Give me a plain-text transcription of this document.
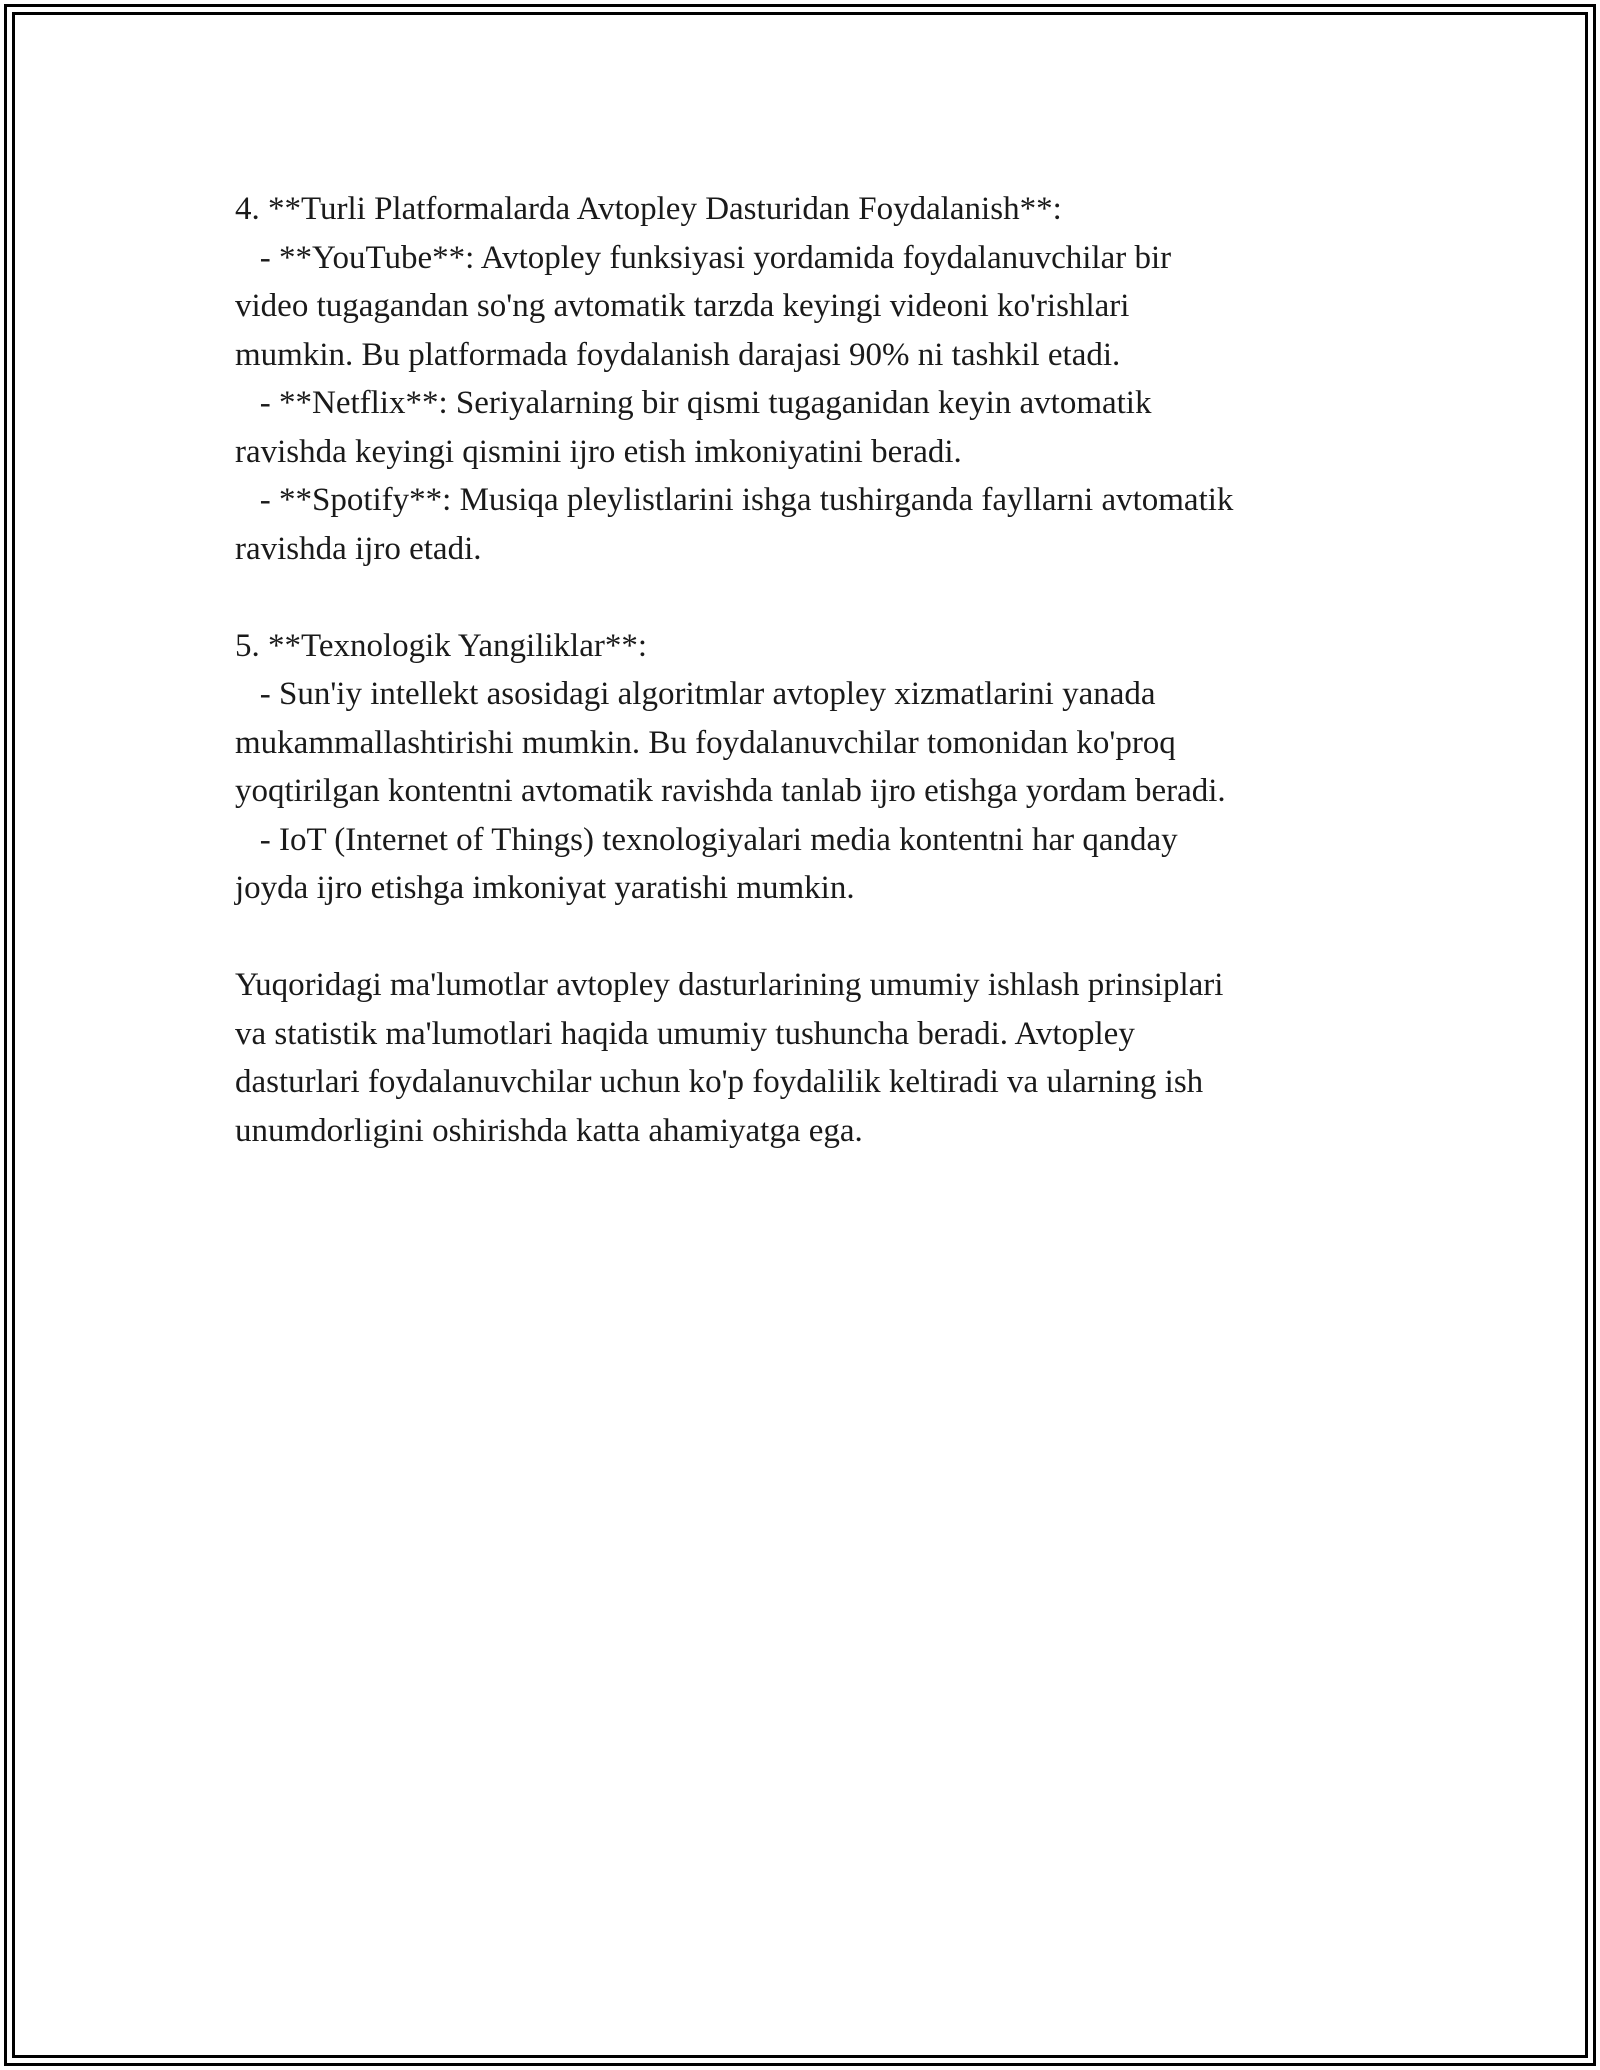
4. **Turli Platformalarda Avtopley Dasturidan Foydalanish**:

- **YouTube**: Avtopley funksiyasi yordamida foydalanuvchilar bir
video tugagandan so'ng avtomatik tarzda keyingi videoni ko'rishlari
mumkin. Bu platformada foydalanish darajasi 90% ni tashkil etadi.

- **Netflix**: Seriyalarning bir qismi tugaganidan keyin avtomatik
ravishda keyingi qismini ijro etish imkoniyatini beradi.

- **Spotify**: Musiqa pleylistlarini ishga tushirganda fayllarni avtomatik
ravishda ijro etadi.

5. **Texnologik Yangiliklar**:

- Sun'iy intellekt asosidagi algoritmlar avtopley xizmatlarini yanada
mukammallashtirishi mumkin. Bu foydalanuvchilar tomonidan ko'proq
yoqtirilgan kontentni avtomatik ravishda tanlab ijro etishga yordam beradi.

- IoT (Internet of Things) texnologiyalari media kontentni har qanday
joyda ijro etishga imkoniyat yaratishi mumkin.

Yuqoridagi ma'lumotlar avtopley dasturlarining umumiy ishlash prinsiplari
va statistik ma'lumotlari haqida umumiy tushuncha beradi. Avtopley
dasturlari foydalanuvchilar uchun ko'p foydalilik keltiradi va ularning ish
unumdorligini oshirishda katta ahamiyatga ega.
